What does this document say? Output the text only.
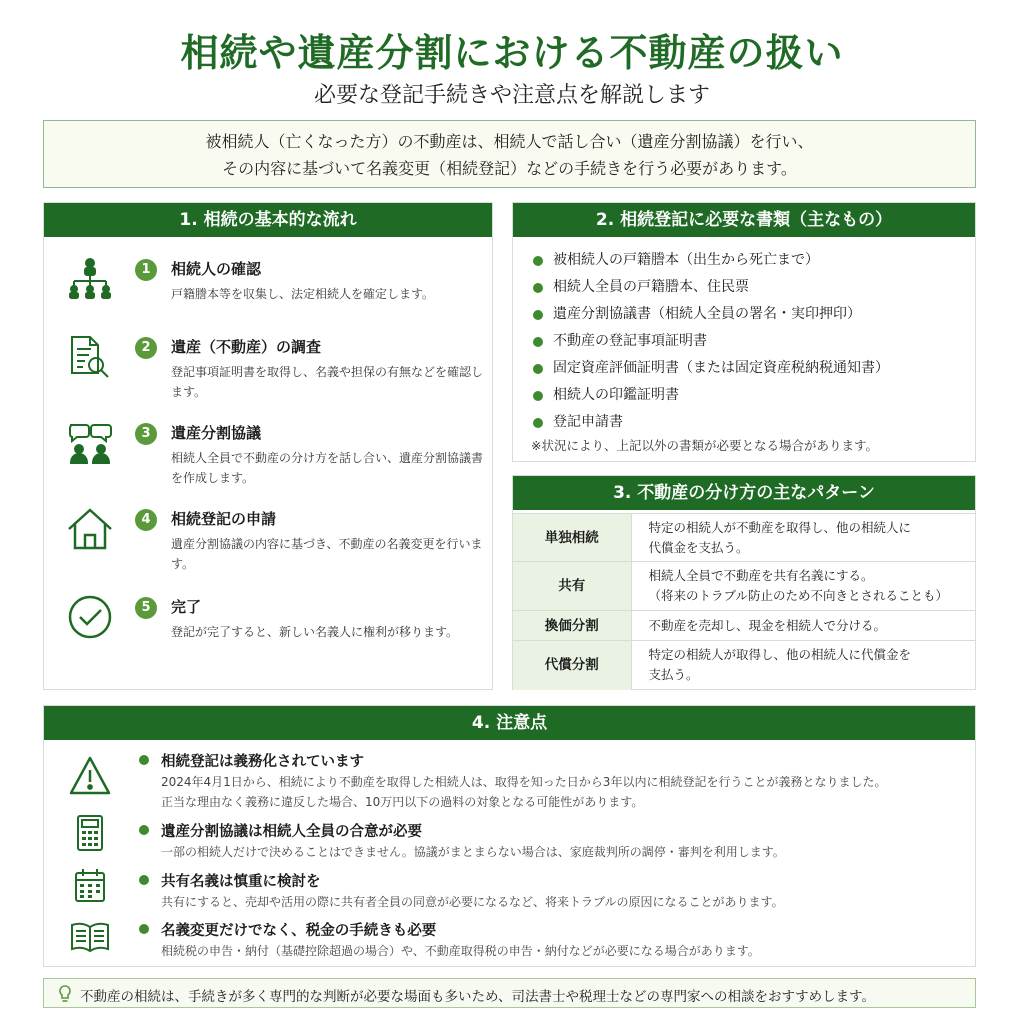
相続や遺産分割における不動産の扱い
必要な登記手続きや注意点を解説します
被相続人（亡くなった方）の不動産は、相続人で話し合い（遺産分割協議）を行い、
その内容に基づいて名義変更（相続登記）などの手続きを行う必要があります。
1. 相続の基本的な流れ
1	相続人の確認
戸籍謄本等を収集し、法定相続人を確定します。
2	遺産（不動産）の調査
登記事項証明書を取得し、名義や担保の有無などを確認します。
3	遺産分割協議
相続人全員で不動産の分け方を話し合い、遺産分割協議書を作成します。
4	相続登記の申請
遺産分割協議の内容に基づき、不動産の名義変更を行います。
5	完了
登記が完了すると、新しい名義人に権利が移ります。
2. 相続登記に必要な書類（主なもの）
被相続人の戸籍謄本（出生から死亡まで）
相続人全員の戸籍謄本、住民票
遺産分割協議書（相続人全員の署名・実印押印）
不動産の登記事項証明書
固定資産評価証明書（または固定資産税納税通知書）
相続人の印鑑証明書
登記申請書
※状況により、上記以外の書類が必要となる場合があります。
3. 不動産の分け方の主なパターン
単独相続	特定の相続人が不動産を取得し、他の相続人に
代償金を支払う。

共有	相続人全員で不動産を共有名義にする。
（将来のトラブル防止のため不向きとされることも）

換価分割	不動産を売却し、現金を相続人で分ける。

代償分割	特定の相続人が取得し、他の相続人に代償金を
支払う。
4. 注意点
相続登記は義務化されています
2024年4月1日から、相続により不動産を取得した相続人は、取得を知った日から3年以内に相続登記を行うことが義務となりました。
正当な理由なく義務に違反した場合、10万円以下の過料の対象となる可能性があります。
遺産分割協議は相続人全員の合意が必要
一部の相続人だけで決めることはできません。協議がまとまらない場合は、家庭裁判所の調停・審判を利用します。
共有名義は慎重に検討を
共有にすると、売却や活用の際に共有者全員の同意が必要になるなど、将来トラブルの原因になることがあります。
名義変更だけでなく、税金の手続きも必要
相続税の申告・納付（基礎控除超過の場合）や、不動産取得税の申告・納付などが必要になる場合があります。
不動産の相続は、手続きが多く専門的な判断が必要な場面も多いため、司法書士や税理士などの専門家への相談をおすすめします。
